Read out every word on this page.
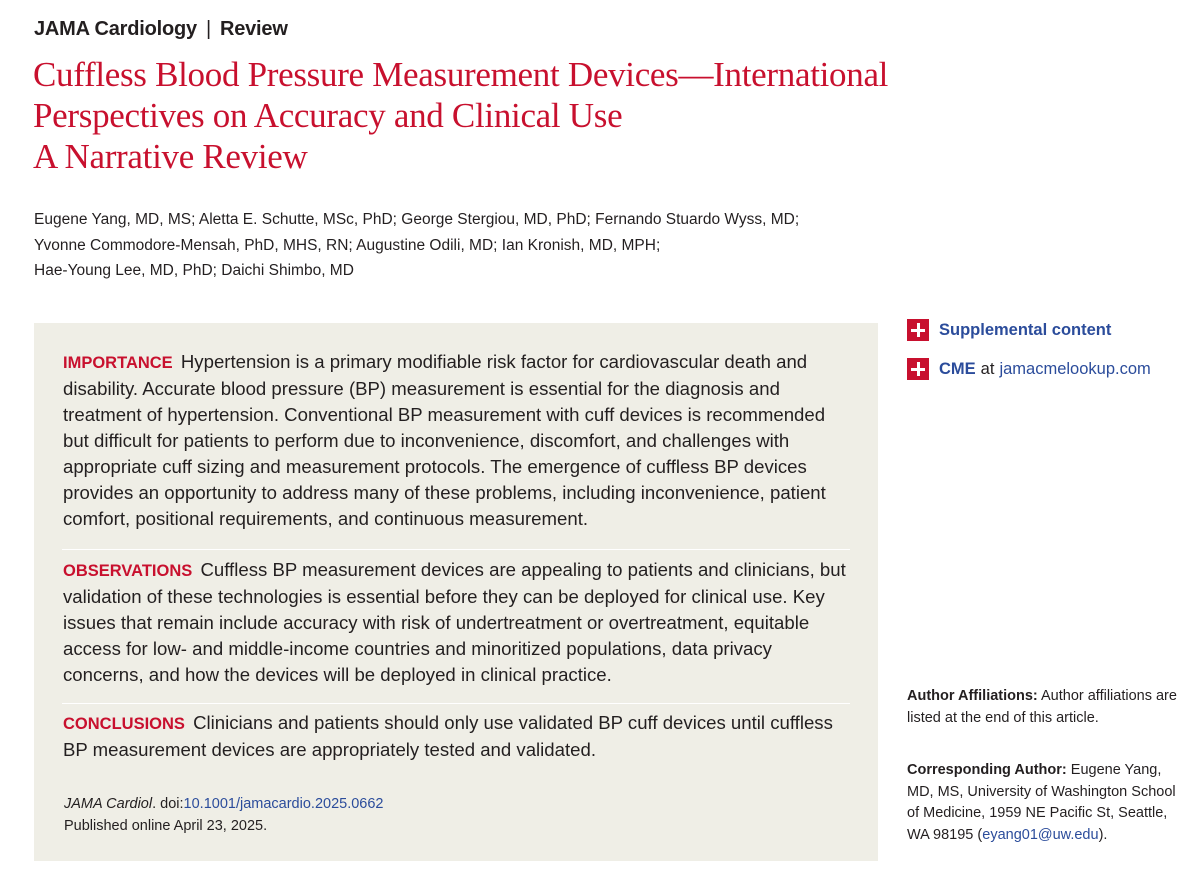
JAMA Cardiology | Review
Cuffless Blood Pressure Measurement Devices—International
Perspectives on Accuracy and Clinical Use
A Narrative Review
Eugene Yang, MD, MS; Aletta E. Schutte, MSc, PhD; George Stergiou, MD, PhD; Fernando Stuardo Wyss, MD;
Yvonne Commodore-Mensah, PhD, MHS, RN; Augustine Odili, MD; Ian Kronish, MD, MPH;
Hae-Young Lee, MD, PhD; Daichi Shimbo, MD
IMPORTANCE Hypertension is a primary modifiable risk factor for cardiovascular death and disability. Accurate blood pressure (BP) measurement is essential for the diagnosis and treatment of hypertension. Conventional BP measurement with cuff devices is recommended but difficult for patients to perform due to inconvenience, discomfort, and challenges with appropriate cuff sizing and measurement protocols. The emergence of cuffless BP devices provides an opportunity to address many of these problems, including inconvenience, patient comfort, positional requirements, and continuous measurement.
OBSERVATIONS Cuffless BP measurement devices are appealing to patients and clinicians, but validation of these technologies is essential before they can be deployed for clinical use. Key issues that remain include accuracy with risk of undertreatment or overtreatment, equitable access for low- and middle-income countries and minoritized populations, data privacy concerns, and how the devices will be deployed in clinical practice.
CONCLUSIONS Clinicians and patients should only use validated BP cuff devices until cuffless BP measurement devices are appropriately tested and validated.
JAMA Cardiol. doi:10.1001/jamacardio.2025.0662
Published online April 23, 2025.
Supplemental content
CME at jamacmelookup.com
Author Affiliations: Author affiliations are listed at the end of this article.
Corresponding Author: Eugene Yang, MD, MS, University of Washington School of Medicine, 1959 NE Pacific St, Seattle, WA 98195 (eyang01@uw.edu).
